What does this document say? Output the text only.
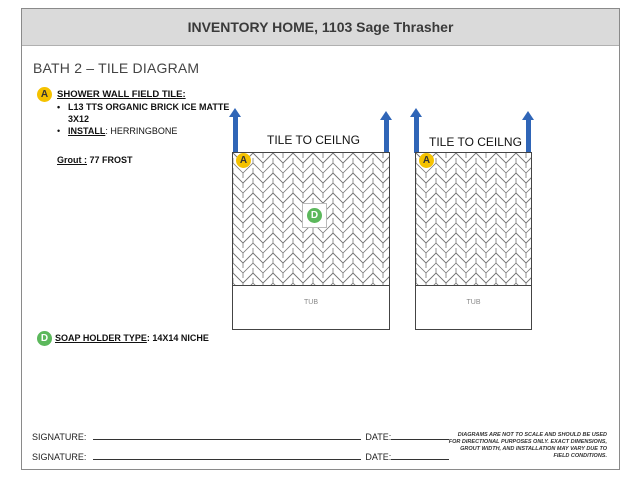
INVENTORY HOME, 1103 Sage Thrasher
BATH 2 – TILE DIAGRAM
A SHOWER WALL FIELD TILE:
• L13 TTS ORGANIC BRICK ICE MATTE 3X12
• INSTALL: HERRINGBONE
Grout : 77 FROST
D SOAP HOLDER TYPE: 14X14 NICHE
TILE TO CEILNG
A
D
TUB
TILE TO CEILNG
A
TUB
SIGNATURE:	DATE:
SIGNATURE:	DATE:
DIAGRAMS ARE NOT TO SCALE AND SHOULD BE USED FOR DIRECTIONAL PURPOSES ONLY. EXACT DIMENSIONS, GROUT WIDTH, AND INSTALLATION MAY VARY DUE TO FIELD CONDITIONS.
